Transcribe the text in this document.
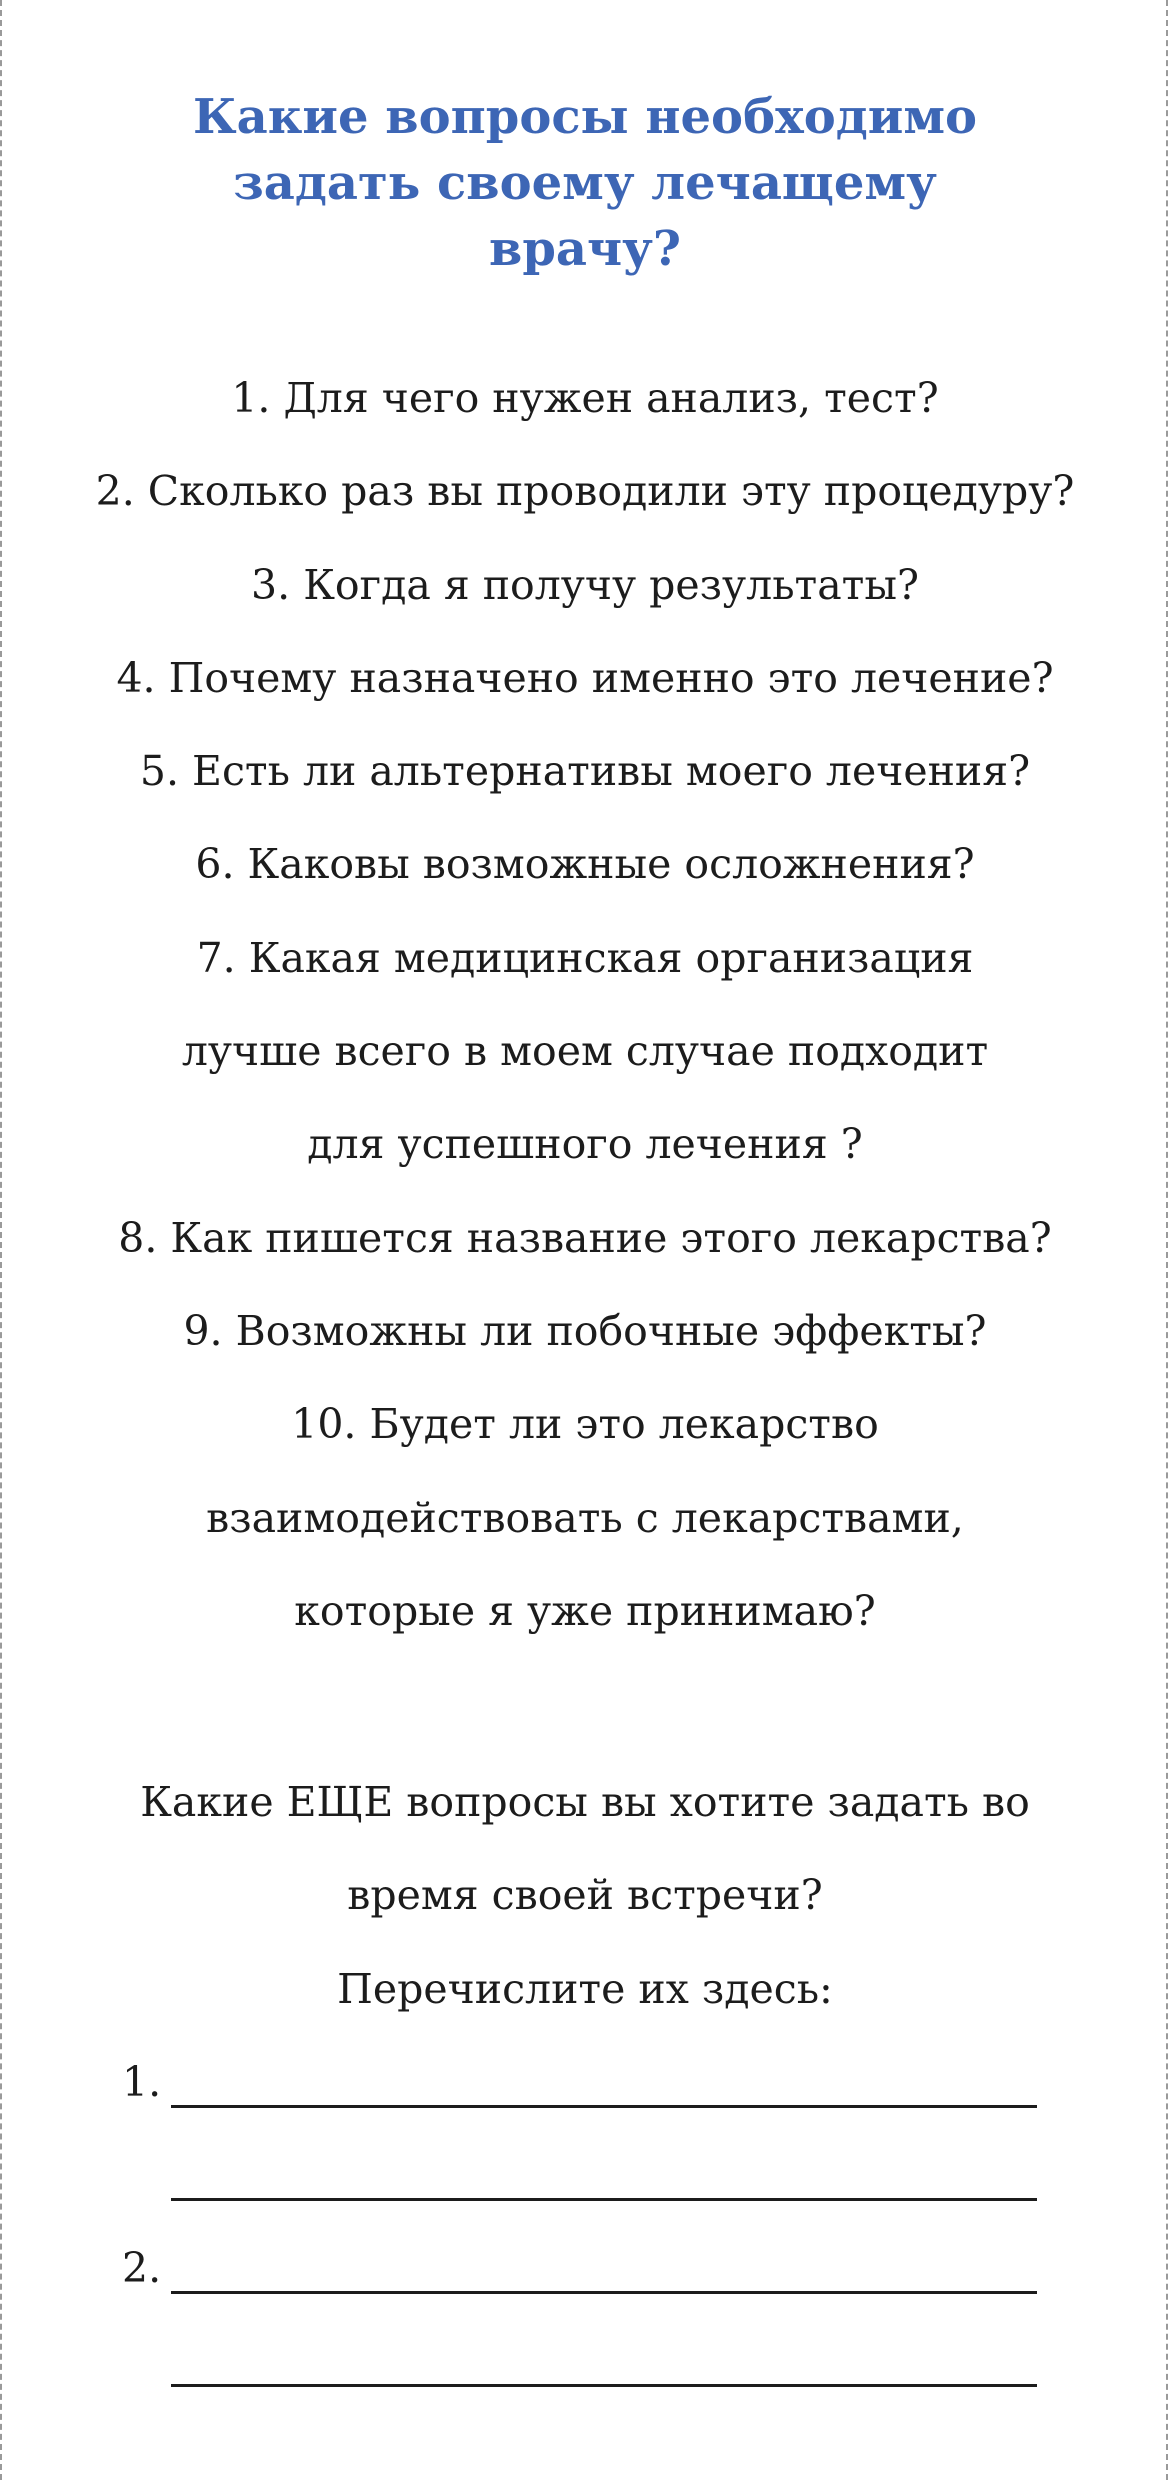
Какие вопросы необходимо
задать своему лечащему
врачу?
1. Для чего нужен анализ, тест?
2. Сколько раз вы проводили эту процедуру?
3. Когда я получу результаты?
4. Почему назначено именно это лечение?
5. Есть ли альтернативы моего лечения?
6. Каковы возможные осложнения?
7. Какая медицинская организация
лучше всего в моем случае подходит
для успешного лечения ?
8. Как пишется название этого лекарства?
9. Возможны ли побочные эффекты?
10. Будет ли это лекарство
взаимодействовать с лекарствами,
которые я уже принимаю?
Какие ЕЩЕ вопросы вы хотите задать во
время своей встречи?
Перечислите их здесь:
1.
2.
